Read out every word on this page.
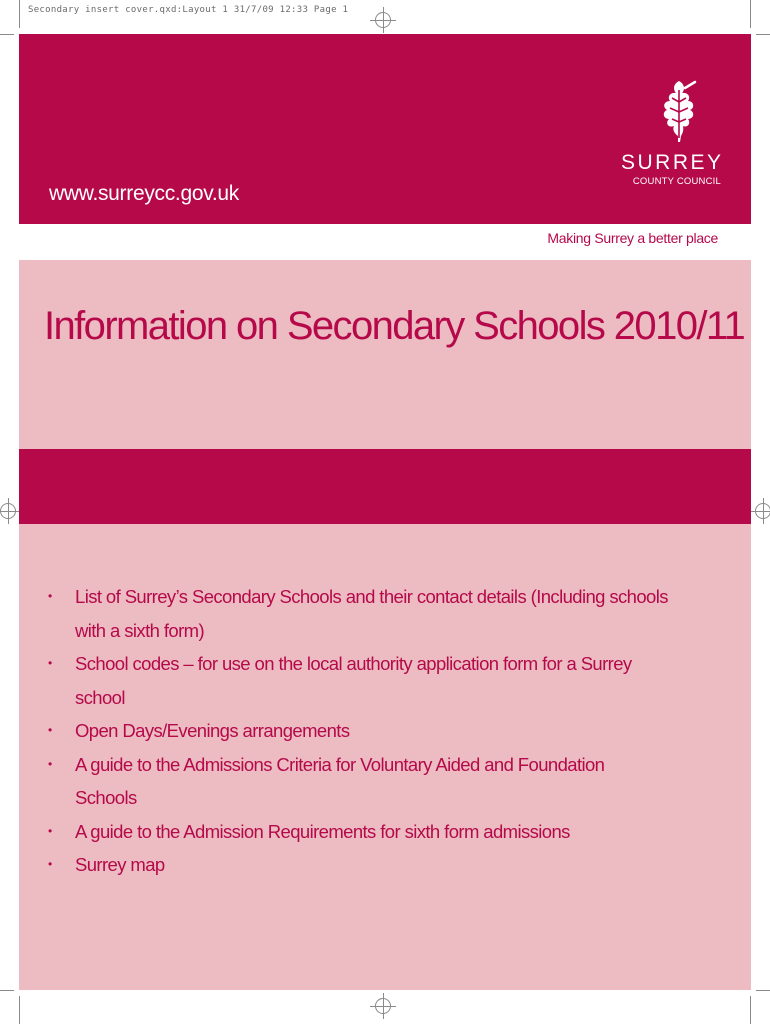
Secondary insert cover.qxd:Layout 1 31/7/09 12:33 Page 1
www.surreycc.gov.uk
SURREY
COUNTY COUNCIL
Making Surrey a better place
Information on Secondary Schools 2010/11
• List of Surrey’s Secondary Schools and their contact details (Including schools with a sixth form)
• School codes – for use on the local authority application form for a Surrey school
• Open Days/Evenings arrangements
• A guide to the Admissions Criteria for Voluntary Aided and Foundation Schools
• A guide to the Admission Requirements for sixth form admissions
• Surrey map
